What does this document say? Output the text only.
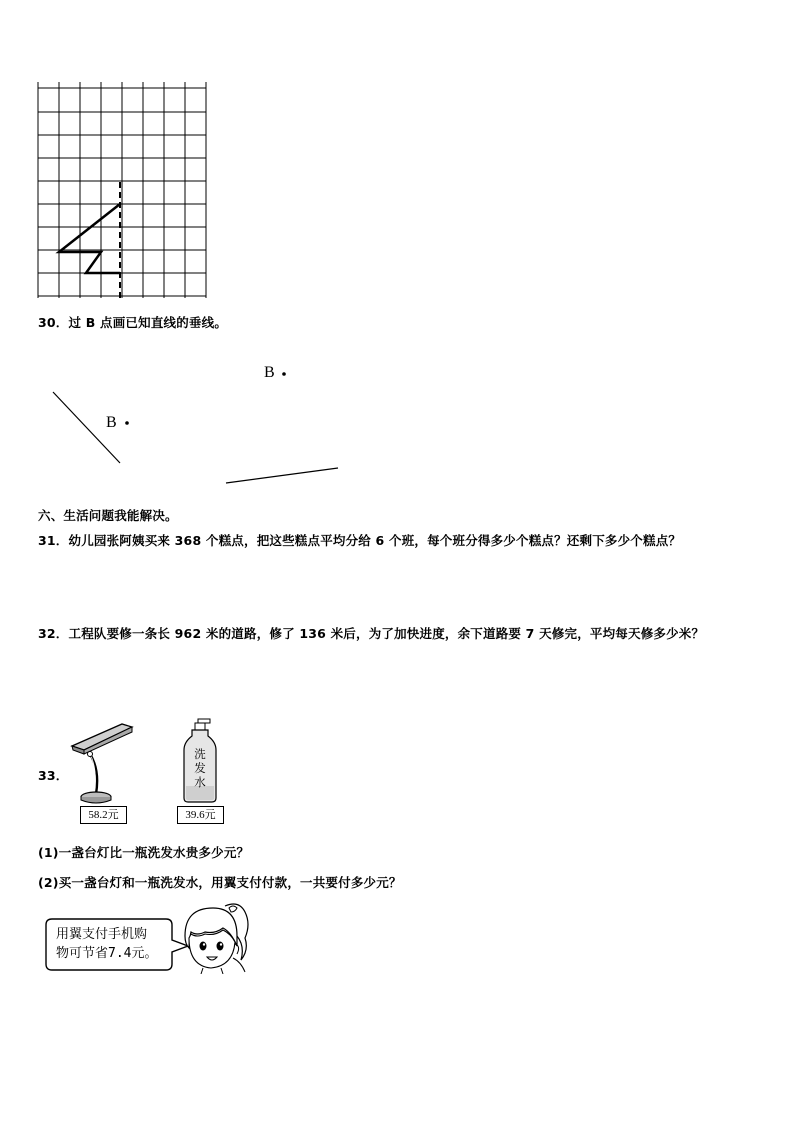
30．过 B 点画已知直线的垂线。
B
B
六、生活问题我能解决。
31．幼儿园张阿姨买来 368 个糕点，把这些糕点平均分给 6 个班，每个班分得多少个糕点？还剩下多少个糕点？
32．工程队要修一条长 962 米的道路，修了 136 米后，为了加快进度，余下道路要 7 天修完，平均每天修多少米？
33．
58.2元
洗
发
水
39.6元
(1)一盏台灯比一瓶洗发水贵多少元？
(2)买一盏台灯和一瓶洗发水，用翼支付付款，一共要付多少元？
用翼支付手机购
物可节省7.4元。
